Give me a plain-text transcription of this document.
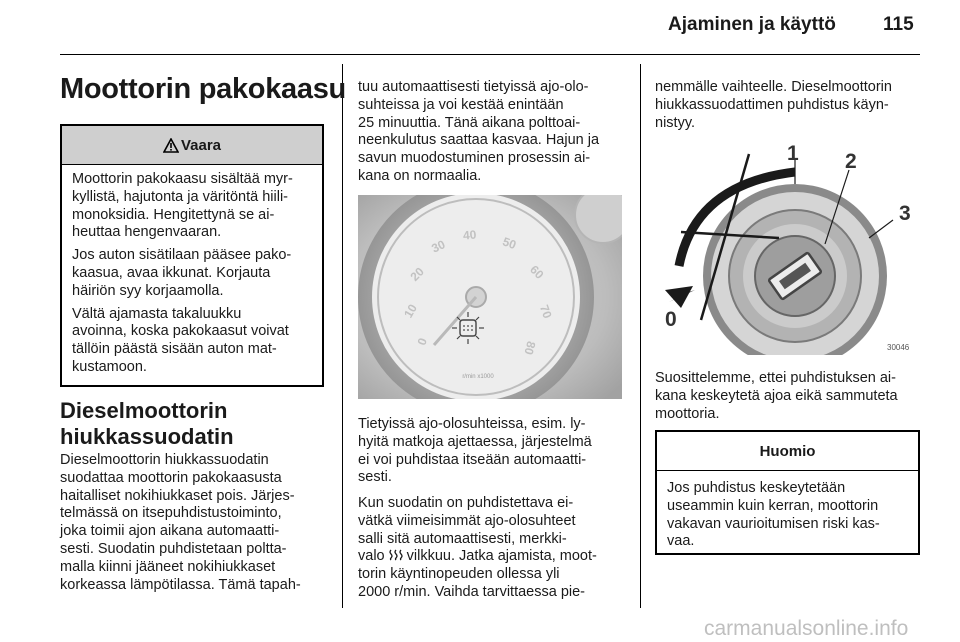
Ajaminen ja käyttö 115
Moottorin pakokaasu
Vaara

Moottorin pakokaasu sisältää myr-
kyllistä, hajutonta ja väritöntä hiili-
monoksidia. Hengitettynä se ai-
heuttaa hengenvaaran.

Jos auton sisätilaan pääsee pako-
kaasua, avaa ikkunat. Korjauta
häiriön syy korjaamolla.

Vältä ajamasta takaluukku
avoinna, koska pakokaasut voivat
tällöin päästä sisään auton mat-
kustamoon.

Dieselmoottorin
hiukkassuodatin
Dieselmoottorin hiukkassuodatin
suodattaa moottorin pakokaasusta
haitalliset nokihiukkaset pois. Järjes-
telmässä on itsepuhdistustoiminto,
joka toimii ajon aikana automaatti-
sesti. Suodatin puhdistetaan poltta-
malla kiinni jääneet nokihiukkaset
korkeassa lämpötilassa. Tämä tapah-
tuu automaattisesti tietyissä ajo-olo-
suhteissa ja voi kestää enintään
25 minuuttia. Tänä aikana polttoai-
neenkulutus saattaa kasvaa. Hajun ja
savun muodostuminen prosessin ai-
kana on normaalia.
0
10
20
30
40 50
60
70
80
r/min x1000
Tietyissä ajo-olosuhteissa, esim. ly-
hyitä matkoja ajettaessa, järjestelmä
ei voi puhdistaa itseään automaatti-
sesti.
Kun suodatin on puhdistettava ei-
vätkä viimeisimmät ajo-olosuhteet
salli sitä automaattisesti, merkki-
valo vilkkuu. Jatka ajamista, moot-
torin käyntinopeuden ollessa yli
2000 r/min. Vaihda tarvittaessa pie-
nemmälle vaihteelle. Dieselmoottorin
hiukkassuodattimen puhdistus käyn-
nistyy.
1 2
3
0
30046
Suosittelemme, ettei puhdistuksen ai-
kana keskeytetä ajoa eikä sammuteta
moottoria.
Huomio
Jos puhdistus keskeytetään
useammin kuin kerran, moottorin
vakavan vaurioitumisen riski kas-
vaa.
carmanualsonline.info
